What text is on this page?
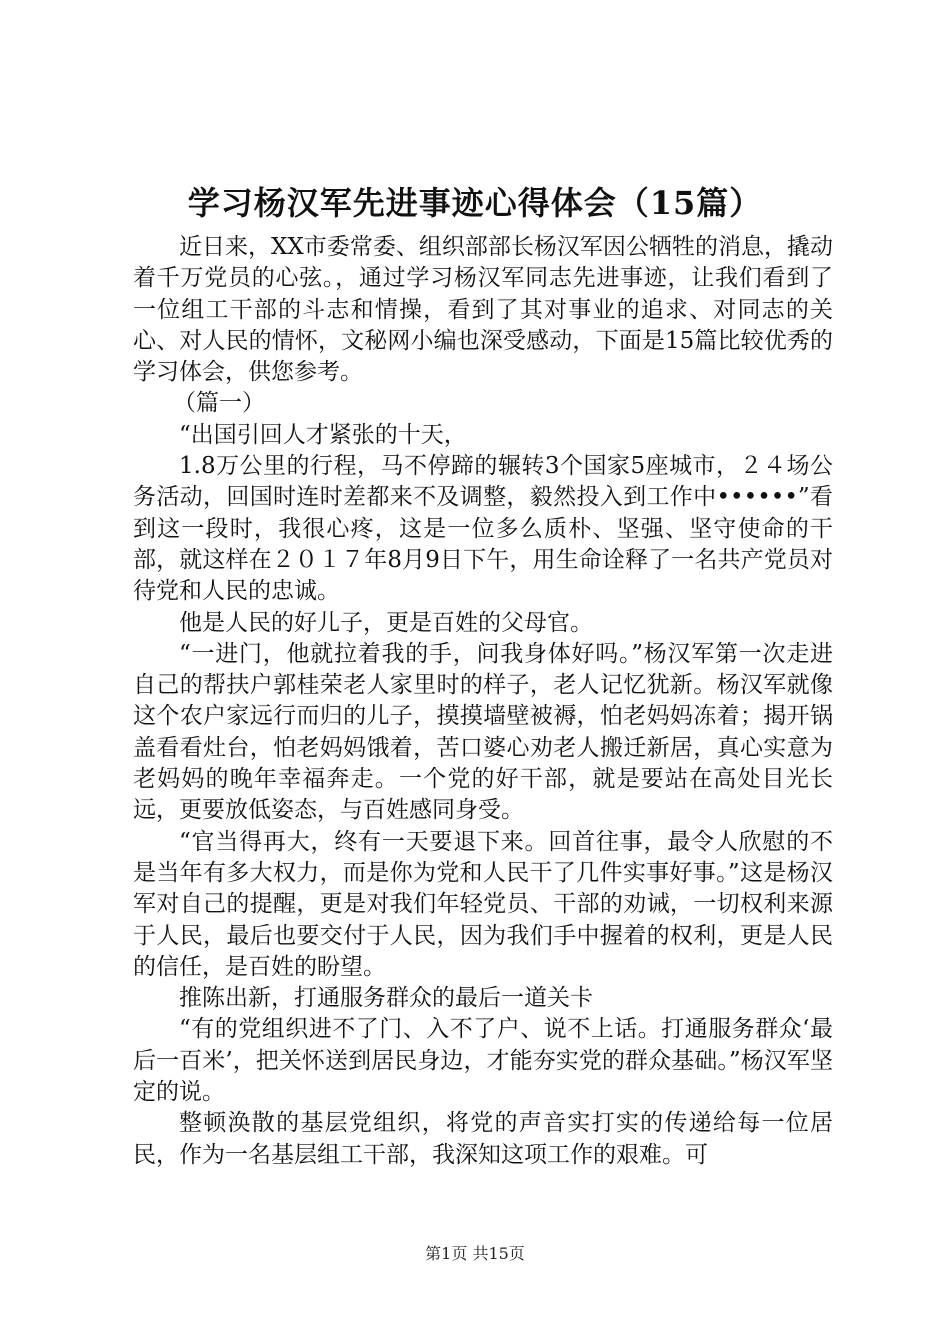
学习杨汉军先进事迹心得体会（15篇）

近日来，XX市委常委、组织部部长杨汉军因公牺牲的消息，撬动着千万党员的心弦。，通过学习杨汉军同志先进事迹，让我们看到了一位组工干部的斗志和情操，看到了其对事业的追求、对同志的关心、对人民的情怀，文秘网小编也深受感动，下面是15篇比较优秀的学习体会，供您参考。

（篇一）

“出国引回人才紧张的十天，

1.8万公里的行程，马不停蹄的辗转3个国家5座城市，２４场公务活动，回国时连时差都来不及调整，毅然投入到工作中••••••”看到这一段时，我很心疼，这是一位多么质朴、坚强、坚守使命的干部，就这样在２０１７年8月9日下午，用生命诠释了一名共产党员对待党和人民的忠诚。

他是人民的好儿子，更是百姓的父母官。

“一进门，他就拉着我的手，问我身体好吗。”杨汉军第一次走进自己的帮扶户郭桂荣老人家里时的样子，老人记忆犹新。杨汉军就像这个农户家远行而归的儿子，摸摸墙壁被褥，怕老妈妈冻着；揭开锅盖看看灶台，怕老妈妈饿着，苦口婆心劝老人搬迁新居，真心实意为老妈妈的晚年幸福奔走。一个党的好干部，就是要站在高处目光长远，更要放低姿态，与百姓感同身受。

“官当得再大，终有一天要退下来。回首往事，最令人欣慰的不是当年有多大权力，而是你为党和人民干了几件实事好事。”这是杨汉军对自己的提醒，更是对我们年轻党员、干部的劝诫，一切权利来源于人民，最后也要交付于人民，因为我们手中握着的权利，更是人民的信任，是百姓的盼望。

推陈出新，打通服务群众的最后一道关卡

“有的党组织进不了门、入不了户、说不上话。打通服务群众‘最后一百米’，把关怀送到居民身边，才能夯实党的群众基础。”杨汉军坚定的说。

整顿涣散的基层党组织，将党的声音实打实的传递给每一位居民，作为一名基层组工干部，我深知这项工作的艰难。可

第1页 共15页
